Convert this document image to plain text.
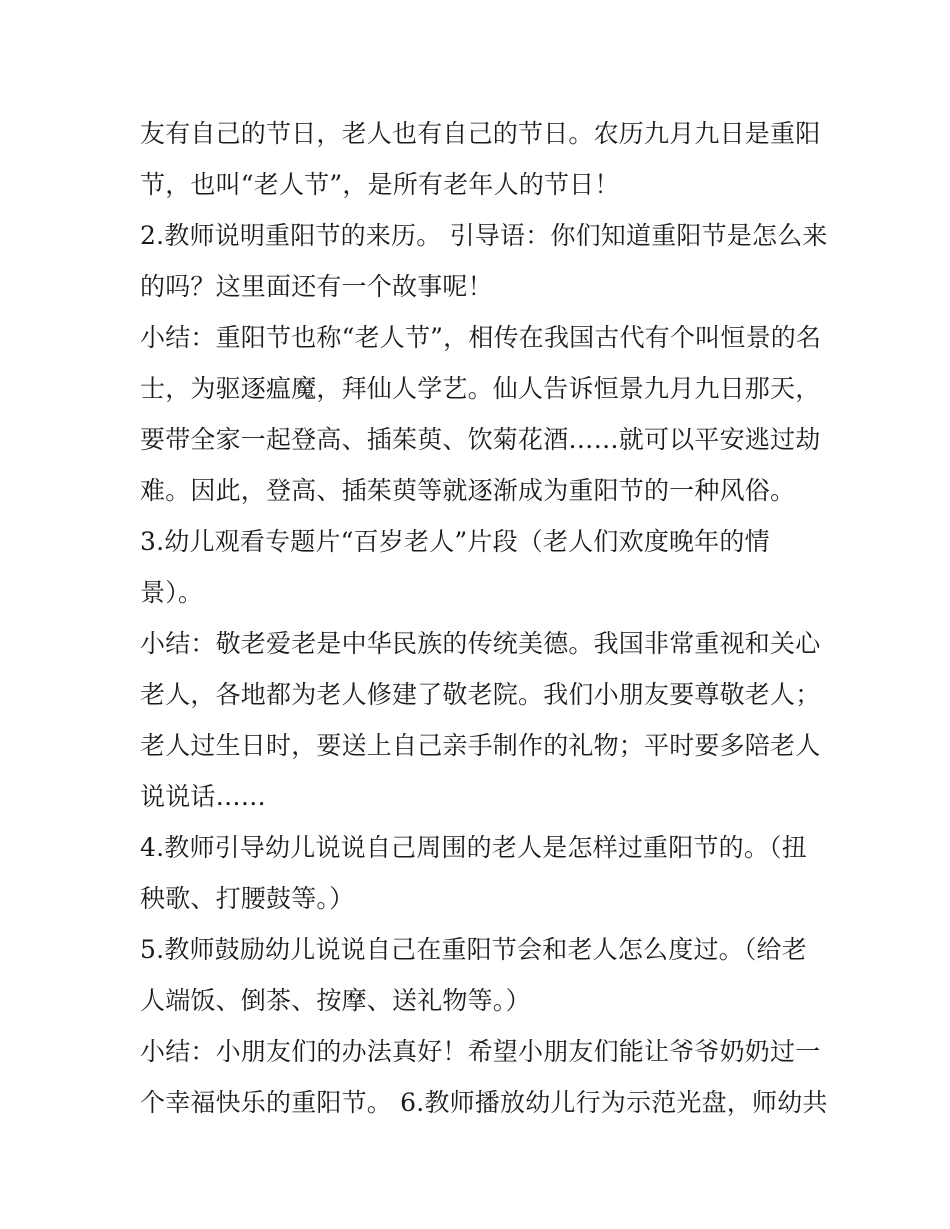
友有自己的节日，老人也有自己的节日。农历九月九日是重阳
节，也叫“老人节”，是所有老年人的节日！
2.教师说明重阳节的来历。 引导语：你们知道重阳节是怎么来
的吗？这里面还有一个故事呢！
小结：重阳节也称“老人节”，相传在我国古代有个叫恒景的名
士，为驱逐瘟魔，拜仙人学艺。仙人告诉恒景九月九日那天，
要带全家一起登高、插茱萸、饮菊花酒……就可以平安逃过劫
难。因此，登高、插茱萸等就逐渐成为重阳节的一种风俗。
3.幼儿观看专题片“百岁老人”片段（老人们欢度晚年的情
景）。
小结：敬老爱老是中华民族的传统美德。我国非常重视和关心
老人，各地都为老人修建了敬老院。我们小朋友要尊敬老人；
老人过生日时，要送上自己亲手制作的礼物；平时要多陪老人
说说话……
4.教师引导幼儿说说自己周围的老人是怎样过重阳节的。（扭
秧歌、打腰鼓等。）
5.教师鼓励幼儿说说自己在重阳节会和老人怎么度过。（给老
人端饭、倒茶、按摩、送礼物等。）
小结：小朋友们的办法真好！希望小朋友们能让爷爷奶奶过一
个幸福快乐的重阳节。 6.教师播放幼儿行为示范光盘，师幼共
